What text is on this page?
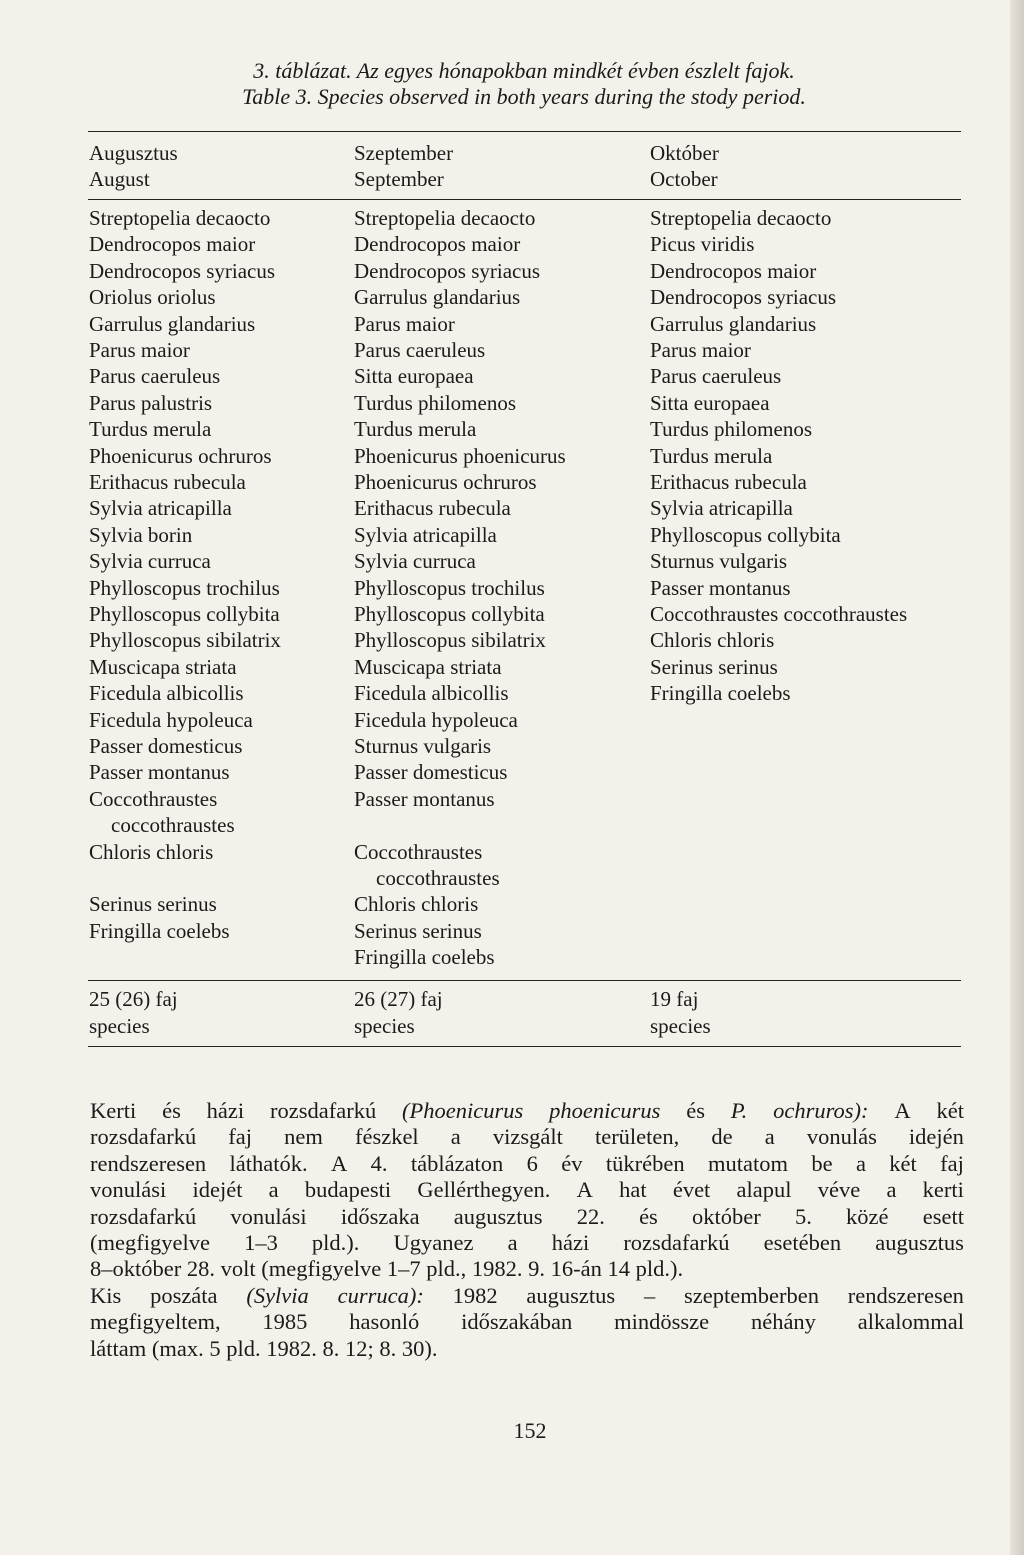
3. táblázat. Az egyes hónapokban mindkét évben észlelt fajok.
Table 3. Species observed in both years during the stody period.
Augusztus
August
Streptopelia decaocto
Dendrocopos maior
Dendrocopos syriacus
Oriolus oriolus
Garrulus glandarius
Parus maior
Parus caeruleus
Parus palustris
Turdus merula
Phoenicurus ochruros
Erithacus rubecula
Sylvia atricapilla
Sylvia borin
Sylvia curruca
Phylloscopus trochilus
Phylloscopus collybita
Phylloscopus sibilatrix
Muscicapa striata
Ficedula albicollis
Ficedula hypoleuca
Passer domesticus
Passer montanus
Coccothraustes
coccothraustes
Chloris chloris
Serinus serinus
Fringilla coelebs
25 (26) faj
species
Szeptember
September
Streptopelia decaocto
Dendrocopos maior
Dendrocopos syriacus
Garrulus glandarius
Parus maior
Parus caeruleus
Sitta europaea
Turdus philomenos
Turdus merula
Phoenicurus phoenicurus
Phoenicurus ochruros
Erithacus rubecula
Sylvia atricapilla
Sylvia curruca
Phylloscopus trochilus
Phylloscopus collybita
Phylloscopus sibilatrix
Muscicapa striata
Ficedula albicollis
Ficedula hypoleuca
Sturnus vulgaris
Passer domesticus
Passer montanus
Coccothraustes
coccothraustes
Chloris chloris
Serinus serinus
Fringilla coelebs
26 (27) faj
species
Október
October
Streptopelia decaocto
Picus viridis
Dendrocopos maior
Dendrocopos syriacus
Garrulus glandarius
Parus maior
Parus caeruleus
Sitta europaea
Turdus philomenos
Turdus merula
Erithacus rubecula
Sylvia atricapilla
Phylloscopus collybita
Sturnus vulgaris
Passer montanus
Coccothraustes coccothraustes
Chloris chloris
Serinus serinus
Fringilla coelebs
19 faj
species
Kerti és házi rozsdafarkú (Phoenicurus phoenicurus és P. ochruros): A két
rozsdafarkú faj nem fészkel a vizsgált területen, de a vonulás idején
rendszeresen láthatók. A 4. táblázaton 6 év tükrében mutatom be a két faj
vonulási idejét a budapesti Gellérthegyen. A hat évet alapul véve a kerti
rozsdafarkú vonulási időszaka augusztus 22. és október 5. közé esett
(megfigyelve 1–3 pld.). Ugyanez a házi rozsdafarkú esetében augusztus
8–október 28. volt (megfigyelve 1–7 pld., 1982. 9. 16-án 14 pld.).
Kis poszáta (Sylvia curruca): 1982 augusztus – szeptemberben rendszeresen
megfigyeltem, 1985 hasonló időszakában mindössze néhány alkalommal
láttam (max. 5 pld. 1982. 8. 12; 8. 30).
152
